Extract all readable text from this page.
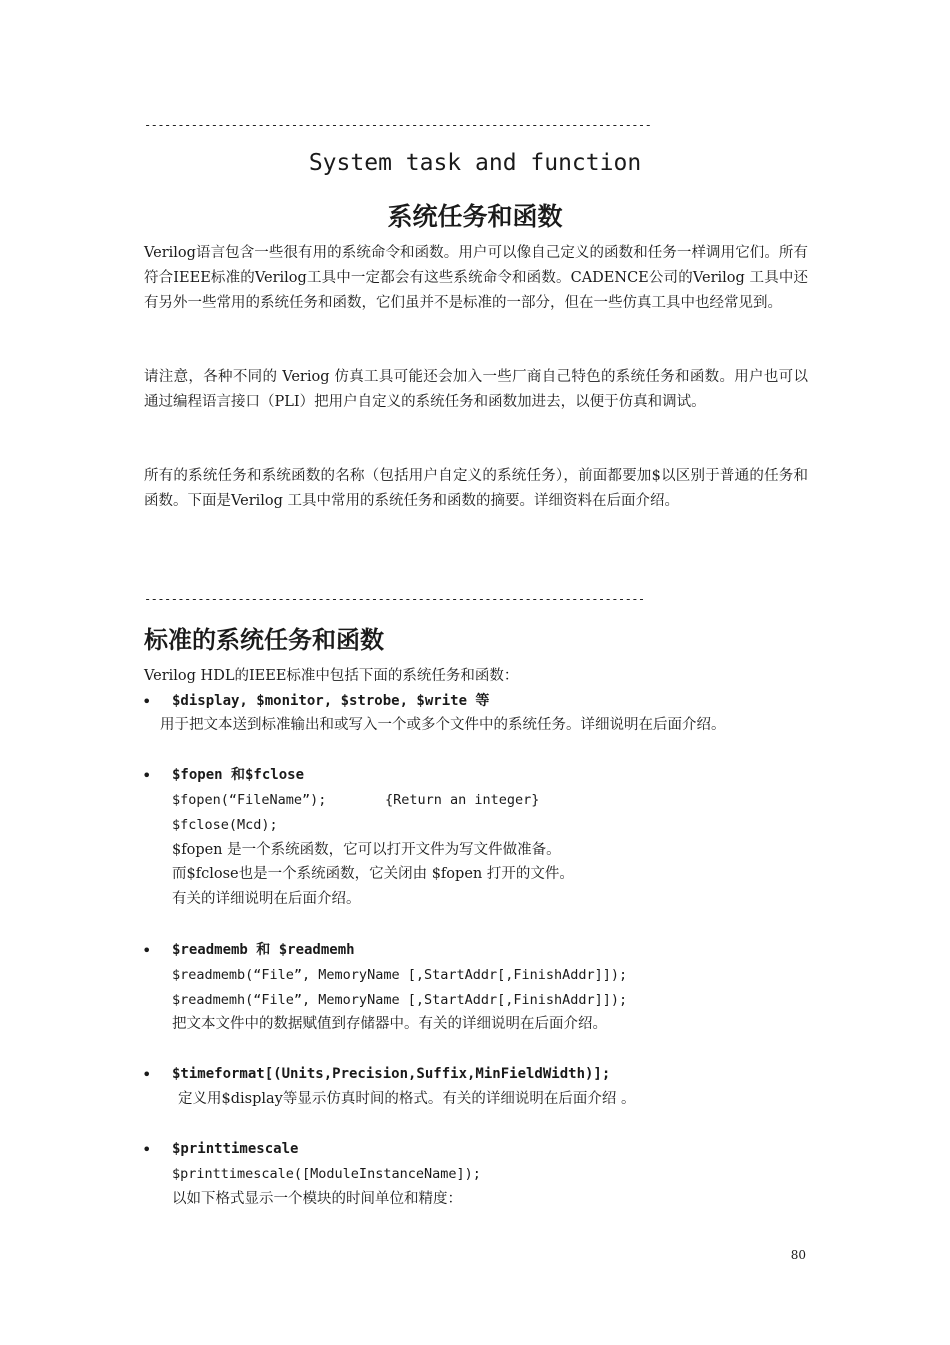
----------------------------------------------------------------------------
System task and function
系统任务和函数

Verilog语言包含一些很有用的系统命令和函数。用户可以像自己定义的函数和任务一样调用它们。所有符合IEEE标准的Verilog工具中一定都会有这些系统命令和函数。CADENCE公司的Verilog 工具中还有另外一些常用的系统任务和函数，它们虽并不是标准的一部分，但在一些仿真工具中也经常见到。

请注意，各种不同的 Veriog 仿真工具可能还会加入一些厂商自己特色的系统任务和函数。用户也可以通过编程语言接口（PLI）把用户自定义的系统任务和函数加进去，以便于仿真和调试。

所有的系统任务和系统函数的名称（包括用户自定义的系统任务），前面都要加$以区别于普通的任务和函数。下面是Verilog 工具中常用的系统任务和函数的摘要。详细资料在后面介绍。

---------------------------------------------------------------------------
标准的系统任务和函数

Verilog HDL的IEEE标准中包括下面的系统任务和函数：

• $display, $monitor, $strobe, $write 等

用于把文本送到标准输出和或写入一个或多个文件中的系统任务。详细说明在后面介绍。

• $fopen 和$fclose

$fopen(“FileName”);	{Return an integer}

$fclose(Mcd);

$fopen 是一个系统函数，它可以打开文件为写文件做准备。

而$fclose也是一个系统函数，它关闭由 $fopen 打开的文件。

有关的详细说明在后面介绍。

• $readmemb 和 $readmemh

$readmemb(“File”, MemoryName [,StartAddr[,FinishAddr]]);

$readmemh(“File”, MemoryName [,StartAddr[,FinishAddr]]);

把文本文件中的数据赋值到存储器中。有关的详细说明在后面介绍。

• $timeformat[(Units,Precision,Suffix,MinFieldWidth)];

定义用$display等显示仿真时间的格式。有关的详细说明在后面介绍 。

• $printtimescale

$printtimescale([ModuleInstanceName]);

以如下格式显示一个模块的时间单位和精度：

80
